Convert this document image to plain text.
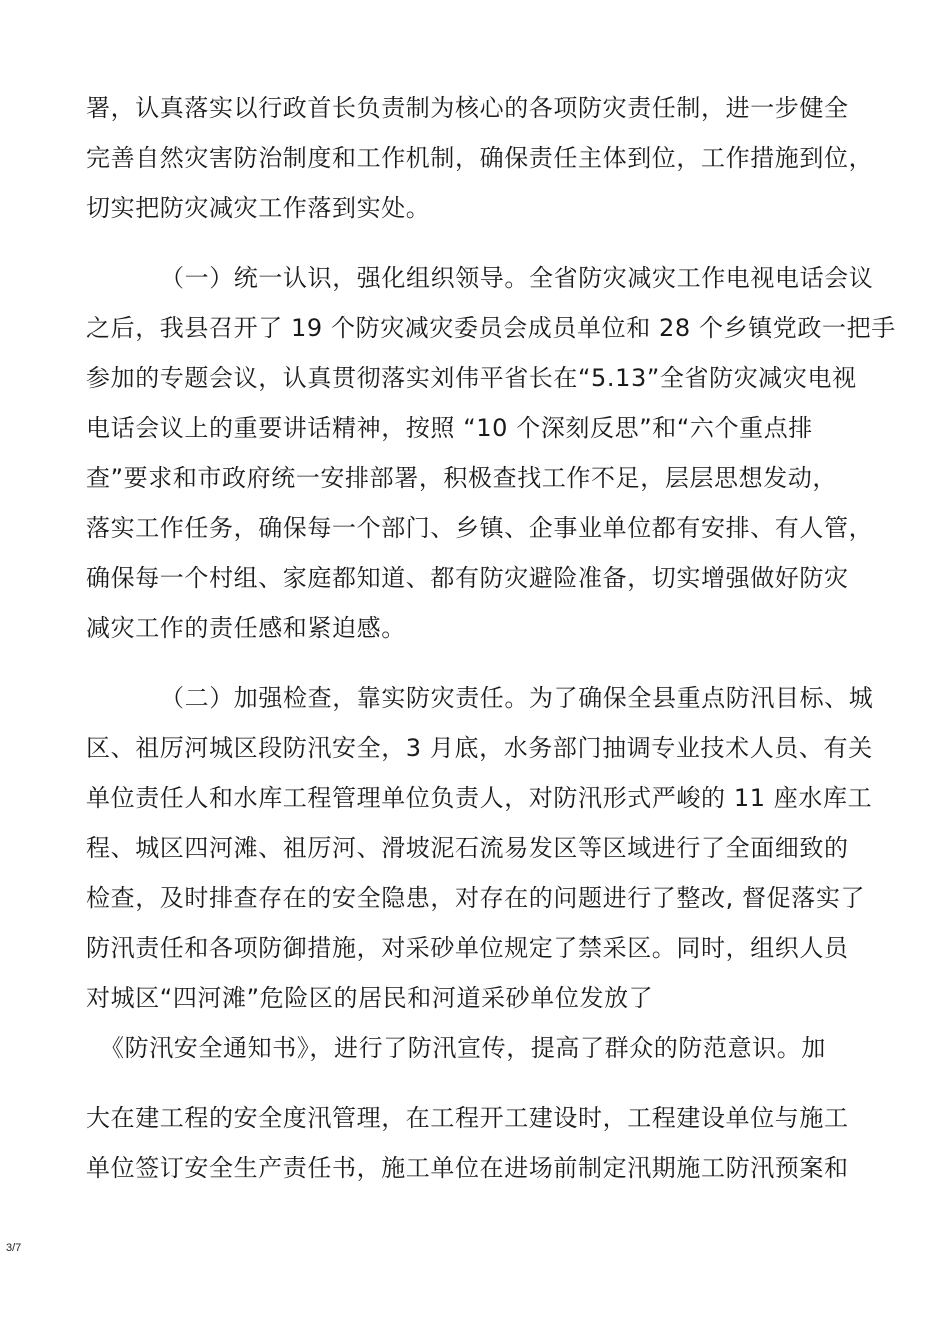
署，认真落实以行政首长负责制为核心的各项防灾责任制，进一步健全
完善自然灾害防治制度和工作机制，确保责任主体到位，工作措施到位，
切实把防灾减灾工作落到实处。
（一）统一认识，强化组织领导。全省防灾减灾工作电视电话会议
之后，我县召开了 19 个防灾减灾委员会成员单位和 28 个乡镇党政一把手
参加的专题会议，认真贯彻落实刘伟平省长在“5.13”全省防灾减灾电视
电话会议上的重要讲话精神，按照 “10 个深刻反思”和“六个重点排
查”要求和市政府统一安排部署，积极查找工作不足，层层思想发动，
落实工作任务，确保每一个部门、乡镇、企事业单位都有安排、有人管，
确保每一个村组、家庭都知道、都有防灾避险准备，切实增强做好防灾
减灾工作的责任感和紧迫感。
（二）加强检查，靠实防灾责任。为了确保全县重点防汛目标、城
区、祖厉河城区段防汛安全，3 月底，水务部门抽调专业技术人员、有关
单位责任人和水库工程管理单位负责人，对防汛形式严峻的 11 座水库工
程、城区四河滩、祖厉河、滑坡泥石流易发区等区域进行了全面细致的
检查，及时排查存在的安全隐患，对存在的问题进行了整改, 督促落实了
防汛责任和各项防御措施，对采砂单位规定了禁采区。同时，组织人员
对城区“四河滩”危险区的居民和河道采砂单位发放了
《防汛安全通知书》，进行了防汛宣传，提高了群众的防范意识。加
大在建工程的安全度汛管理，在工程开工建设时，工程建设单位与施工
单位签订安全生产责任书，施工单位在进场前制定汛期施工防汛预案和
3/7
